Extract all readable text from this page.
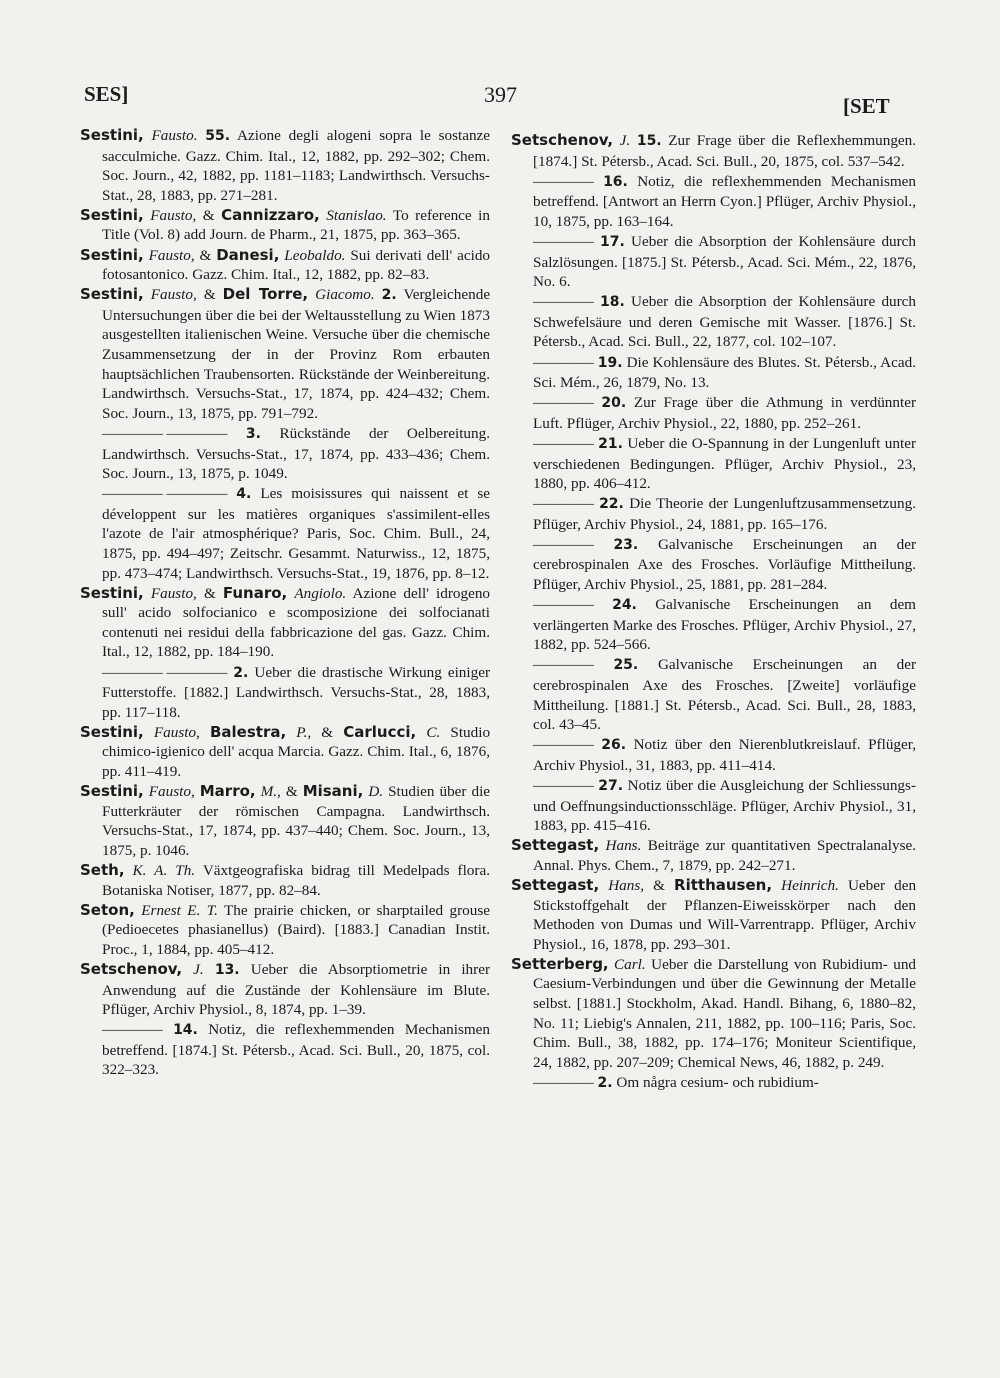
SES]	397	[SET
Sestini, Fausto. 55. Azione degli alogeni sopra le sostanze sacculmiche. Gazz. Chim. Ital., 12, 1882, pp. 292–302; Chem. Soc. Journ., 42, 1882, pp. 1181–1183; Landwirthsch. Versuchs-Stat., 28, 1883, pp. 271–281.
Sestini, Fausto, & Cannizzaro, Stanislao. To reference in Title (Vol. 8) add Journ. de Pharm., 21, 1875, pp. 363–365.
Sestini, Fausto, & Danesi, Leobaldo. Sui derivati dell' acido fotosantonico. Gazz. Chim. Ital., 12, 1882, pp. 82–83.
Sestini, Fausto, & Del Torre, Giacomo. 2. Vergleichende Untersuchungen über die bei der Weltausstellung zu Wien 1873 ausgestellten italienischen Weine. Versuche über die chemische Zusammensetzung der in der Provinz Rom erbauten hauptsächlichen Traubensorten. Rückstände der Weinbereitung. Landwirthsch. Versuchs-Stat., 17, 1874, pp. 424–432; Chem. Soc. Journ., 13, 1875, pp. 791–792.
———— ———— 3. Rückstände der Oelbereitung. Landwirthsch. Versuchs-Stat., 17, 1874, pp. 433–436; Chem. Soc. Journ., 13, 1875, p. 1049.
———— ———— 4. Les moisissures qui naissent et se développent sur les matières organiques s'assimilent-elles l'azote de l'air atmosphérique? Paris, Soc. Chim. Bull., 24, 1875, pp. 494–497; Zeitschr. Gesammt. Naturwiss., 12, 1875, pp. 473–474; Landwirthsch. Versuchs-Stat., 19, 1876, pp. 8–12.
Sestini, Fausto, & Funaro, Angiolo. Azione dell' idrogeno sull' acido solfocianico e scomposizione dei solfocianati contenuti nei residui della fabbricazione del gas. Gazz. Chim. Ital., 12, 1882, pp. 184–190.
———— ———— 2. Ueber die drastische Wirkung einiger Futterstoffe. [1882.] Landwirthsch. Versuchs-Stat., 28, 1883, pp. 117–118.
Sestini, Fausto, Balestra, P., & Carlucci, C. Studio chimico-igienico dell' acqua Marcia. Gazz. Chim. Ital., 6, 1876, pp. 411–419.
Sestini, Fausto, Marro, M., & Misani, D. Studien über die Futterkräuter der römischen Campagna. Landwirthsch. Versuchs-Stat., 17, 1874, pp. 437–440; Chem. Soc. Journ., 13, 1875, p. 1046.
Seth, K. A. Th. Växtgeografiska bidrag till Medelpads flora. Botaniska Notiser, 1877, pp. 82–84.
Seton, Ernest E. T. The prairie chicken, or sharptailed grouse (Pedioecetes phasianellus) (Baird). [1883.] Canadian Instit. Proc., 1, 1884, pp. 405–412.
Setschenov, J. 13. Ueber die Absorptiometrie in ihrer Anwendung auf die Zustände der Kohlensäure im Blute. Pflüger, Archiv Physiol., 8, 1874, pp. 1–39.
———— 14. Notiz, die reflexhemmenden Mechanismen betreffend. [1874.] St. Pétersb., Acad. Sci. Bull., 20, 1875, col. 322–323.
Setschenov, J. 15. Zur Frage über die Reflexhemmungen. [1874.] St. Pétersb., Acad. Sci. Bull., 20, 1875, col. 537–542.
———— 16. Notiz, die reflexhemmenden Mechanismen betreffend. [Antwort an Herrn Cyon.] Pflüger, Archiv Physiol., 10, 1875, pp. 163–164.
———— 17. Ueber die Absorption der Kohlensäure durch Salzlösungen. [1875.] St. Pétersb., Acad. Sci. Mém., 22, 1876, No. 6.
———— 18. Ueber die Absorption der Kohlensäure durch Schwefelsäure und deren Gemische mit Wasser. [1876.] St. Pétersb., Acad. Sci. Bull., 22, 1877, col. 102–107.
———— 19. Die Kohlensäure des Blutes. St. Pétersb., Acad. Sci. Mém., 26, 1879, No. 13.
———— 20. Zur Frage über die Athmung in verdünnter Luft. Pflüger, Archiv Physiol., 22, 1880, pp. 252–261.
———— 21. Ueber die O-Spannung in der Lungenluft unter verschiedenen Bedingungen. Pflüger, Archiv Physiol., 23, 1880, pp. 406–412.
———— 22. Die Theorie der Lungenluftzusammensetzung. Pflüger, Archiv Physiol., 24, 1881, pp. 165–176.
———— 23. Galvanische Erscheinungen an der cerebrospinalen Axe des Frosches. Vorläufige Mittheilung. Pflüger, Archiv Physiol., 25, 1881, pp. 281–284.
———— 24. Galvanische Erscheinungen an dem verlängerten Marke des Frosches. Pflüger, Archiv Physiol., 27, 1882, pp. 524–566.
———— 25. Galvanische Erscheinungen an der cerebrospinalen Axe des Frosches. [Zweite] vorläufige Mittheilung. [1881.] St. Pétersb., Acad. Sci. Bull., 28, 1883, col. 43–45.
———— 26. Notiz über den Nierenblutkreislauf. Pflüger, Archiv Physiol., 31, 1883, pp. 411–414.
———— 27. Notiz über die Ausgleichung der Schliessungs- und Oeffnungsinductionsschläge. Pflüger, Archiv Physiol., 31, 1883, pp. 415–416.
Settegast, Hans. Beiträge zur quantitativen Spectralanalyse. Annal. Phys. Chem., 7, 1879, pp. 242–271.
Settegast, Hans, & Ritthausen, Heinrich. Ueber den Stickstoffgehalt der Pflanzen-Eiweisskörper nach den Methoden von Dumas und Will-Varrentrapp. Pflüger, Archiv Physiol., 16, 1878, pp. 293–301.
Setterberg, Carl. Ueber die Darstellung von Rubidium- und Caesium-Verbindungen und über die Gewinnung der Metalle selbst. [1881.] Stockholm, Akad. Handl. Bihang, 6, 1880–82, No. 11; Liebig's Annalen, 211, 1882, pp. 100–116; Paris, Soc. Chim. Bull., 38, 1882, pp. 174–176; Moniteur Scientifique, 24, 1882, pp. 207–209; Chemical News, 46, 1882, p. 249.
———— 2. Om några cesium- och rubidium-
